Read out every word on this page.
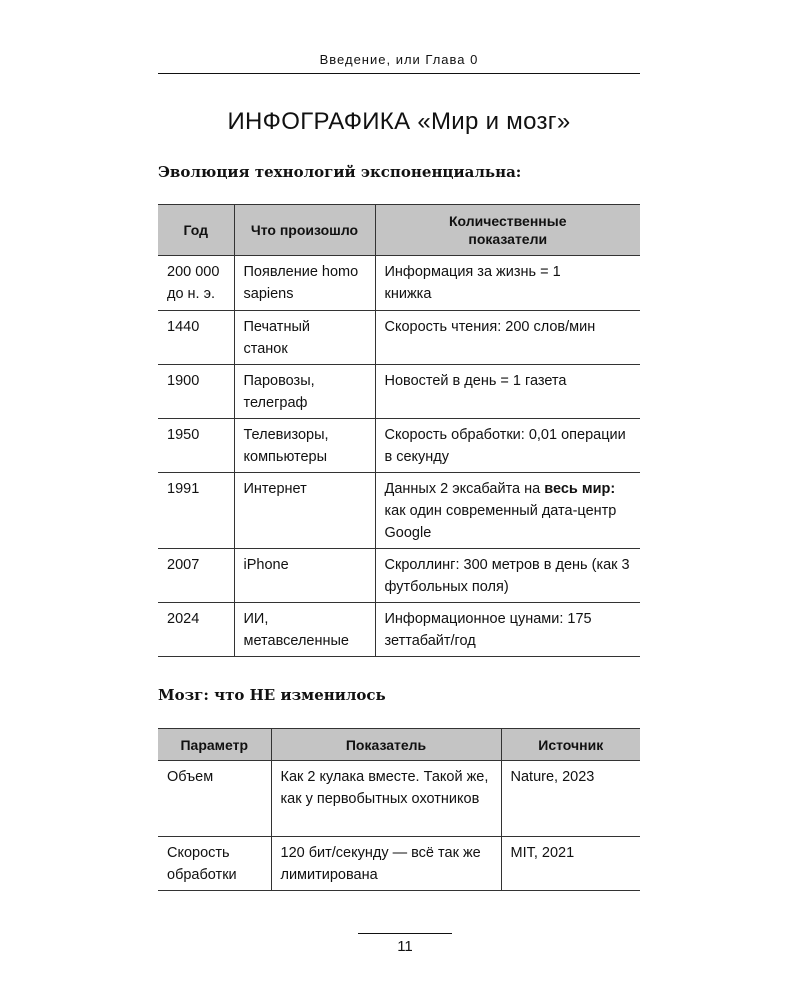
Введение, или Глава 0
ИНФОГРАФИКА «Мир и мозг»
Эволюция технологий экспоненциальна:
Год	Что произошло	Количественные показатели
200 000 до н. э.	Появление homo sapiens	Информация за жизнь = 1 книжка
1440	Печатный станок	Скорость чтения: 200 слов/мин
1900	Паровозы, телеграф	Новостей в день = 1 газета
1950	Телевизоры, компьютеры	Скорость обработки: 0,01 операции в секунду
1991	Интернет	Данных 2 эксабайта на весь мир: как один современный дата-центр Google
2007	iPhone	Скроллинг: 300 метров в день (как 3 футбольных поля)
2024	ИИ, метавселенные	Информационное цунами: 175 зеттабайт/год
Мозг: что НЕ изменилось
Параметр	Показатель	Источник
Объем	Как 2 кулака вместе. Такой же, как у первобытных охотников	Nature, 2023
Скорость обработки	120 бит/секунду — всё так же лимитирована	MIT, 2021
11
